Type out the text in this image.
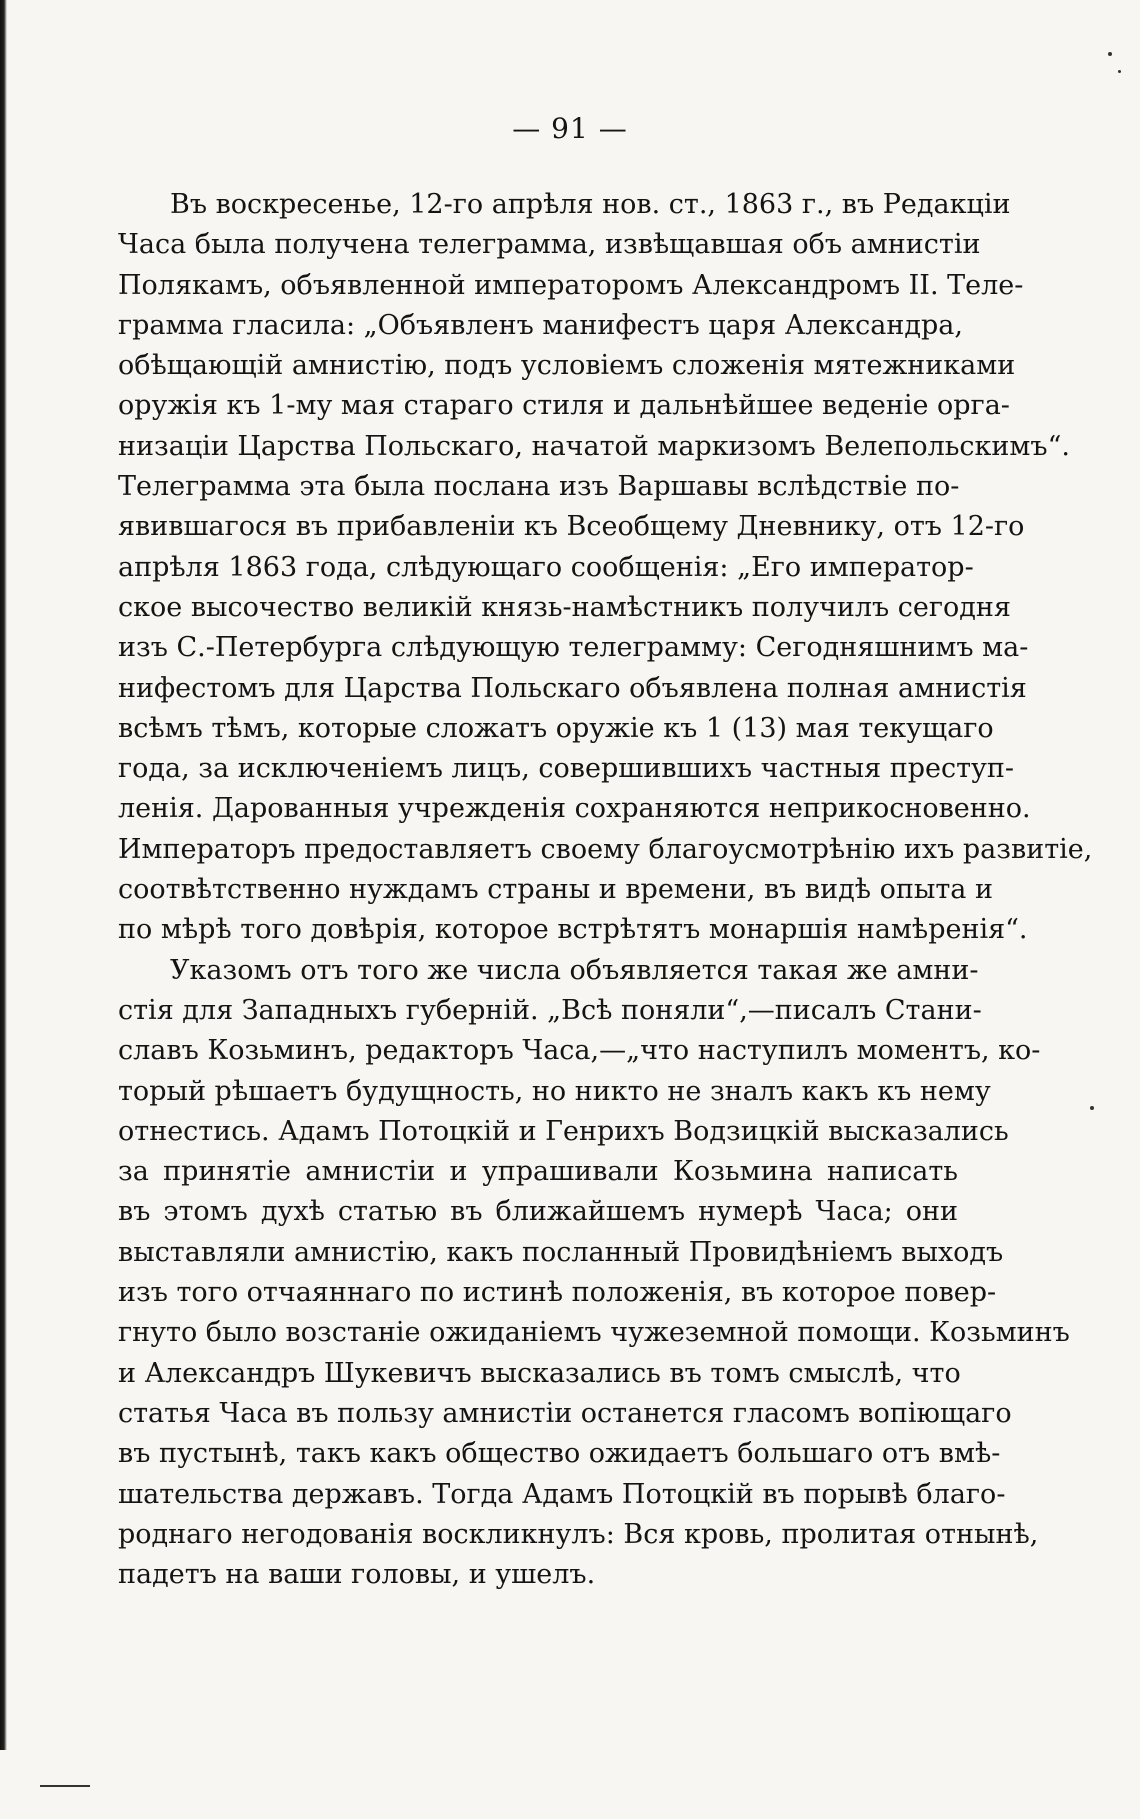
— 91 —
Въ воскресенье, 12-го апрѣля нов. ст., 1863 г., въ Редакціи
Часа была получена телеграмма, извѣщавшая объ амнистіи
Полякамъ, объявленной императоромъ Александромъ II. Теле-
грамма гласила: „Объявленъ манифестъ царя Александра,
обѣщающій амнистію, подъ условіемъ сложенія мятежниками
оружія къ 1-му мая стараго стиля и дальнѣйшее веденіе орга-
низаціи Царства Польскаго, начатой маркизомъ Велепольскимъ“.
Телеграмма эта была послана изъ Варшавы вслѣдствіе по-
явившагося въ прибавленіи къ Всеобщему Дневнику, отъ 12-го
апрѣля 1863 года, слѣдующаго сообщенія: „Его император-
ское высочество великій князь-намѣстникъ получилъ сегодня
изъ С.-Петербурга слѣдующую телеграмму: Сегодняшнимъ ма-
нифестомъ для Царства Польскаго объявлена полная амнистія
всѣмъ тѣмъ, которые сложатъ оружіе къ 1 (13) мая текущаго
года, за исключеніемъ лицъ, совершившихъ частныя преступ-
ленія. Дарованныя учрежденія сохраняются неприкосновенно.
Императоръ предоставляетъ своему благоусмотрѣнію ихъ развитіе,
соотвѣтственно нуждамъ страны и времени, въ видѣ опыта и
по мѣрѣ того довѣрія, которое встрѣтятъ монаршія намѣренія“.
Указомъ отъ того же числа объявляется такая же амни-
стія для Западныхъ губерній. „Всѣ поняли“,—писалъ Стани-
славъ Козьминъ, редакторъ Часа,—„что наступилъ моментъ, ко-
торый рѣшаетъ будущность, но никто не зналъ какъ къ нему
отнестись. Адамъ Потоцкій и Генрихъ Водзицкій высказались
за принятіе амнистіи и упрашивали Козьмина написать
въ этомъ духѣ статью въ ближайшемъ нумерѣ Часа; они
выставляли амнистію, какъ посланный Провидѣніемъ выходъ
изъ того отчаяннаго по истинѣ положенія, въ которое повер-
гнуто было возстаніе ожиданіемъ чужеземной помощи. Козьминъ
и Александръ Шукевичъ высказались въ томъ смыслѣ, что
статья Часа въ пользу амнистіи останется гласомъ вопіющаго
въ пустынѣ, такъ какъ общество ожидаетъ большаго отъ вмѣ-
шательства державъ. Тогда Адамъ Потоцкій въ порывѣ благо-
роднаго негодованія воскликнулъ: Вся кровь, пролитая отнынѣ,
падетъ на ваши головы, и ушелъ.
